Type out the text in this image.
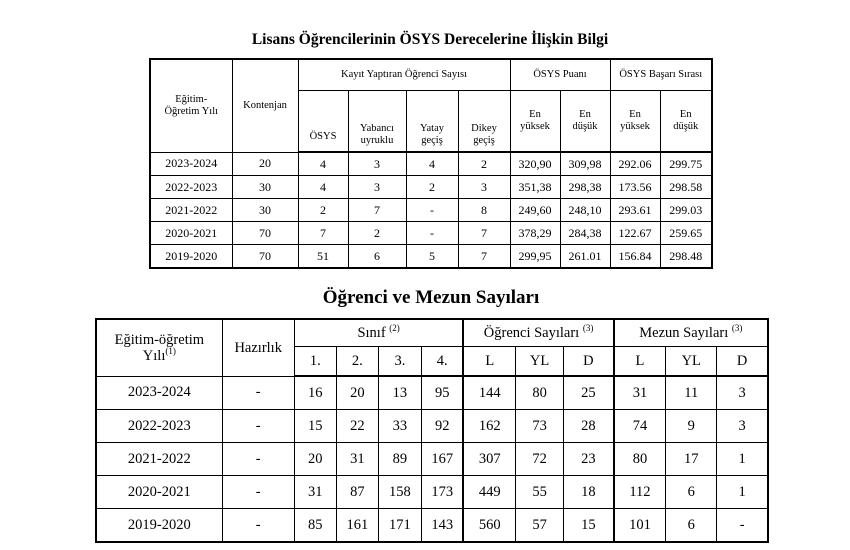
Lisans Öğrencilerinin ÖSYS Derecelerine İlişkin Bilgi
Eğitim-Öğretim Yılı	Kontenjan	Kayıt Yaptıran Öğrenci Sayısı				ÖSYS Puanı		ÖSYS Başarı Sırası	
		ÖSYS	Yabancı uyruklu	Yatay geçiş	Dikey geçiş	En yüksek	En düşük	En yüksek	En düşük
2023-2024	20	4	3	4	2	320,90	309,98	292.06	299.75
2022-2023	30	4	3	2	3	351,38	298,38	173.56	298.58
2021-2022	30	2	7	-	8	249,60	248,10	293.61	299.03
2020-2021	70	7	2	-	7	378,29	284,38	122.67	259.65
2019-2020	70	51	6	5	7	299,95	261.01	156.84	298.48
Öğrenci ve Mezun Sayıları
Eğitim-öğretim
Yılı$^{(1)}$	Hazırlık	Sınıf $^{(2)}$				Öğrenci Sayıları $^{(3)}$			Mezun Sayıları $^{(3)}$
		1.	2.	3.	4.	L	YL	D	L	YL	D
2023-2024	-	16	20	13	95	144	80	25	31	11	3
2022-2023	-	15	22	33	92	162	73	28	74	9	3
2021-2022	-	20	31	89	167	307	72	23	80	17	1
2020-2021	-	31	87	158	173	449	55	18	112	6	1
2019-2020	-	85	161	171	143	560	57	15	101	6	-
